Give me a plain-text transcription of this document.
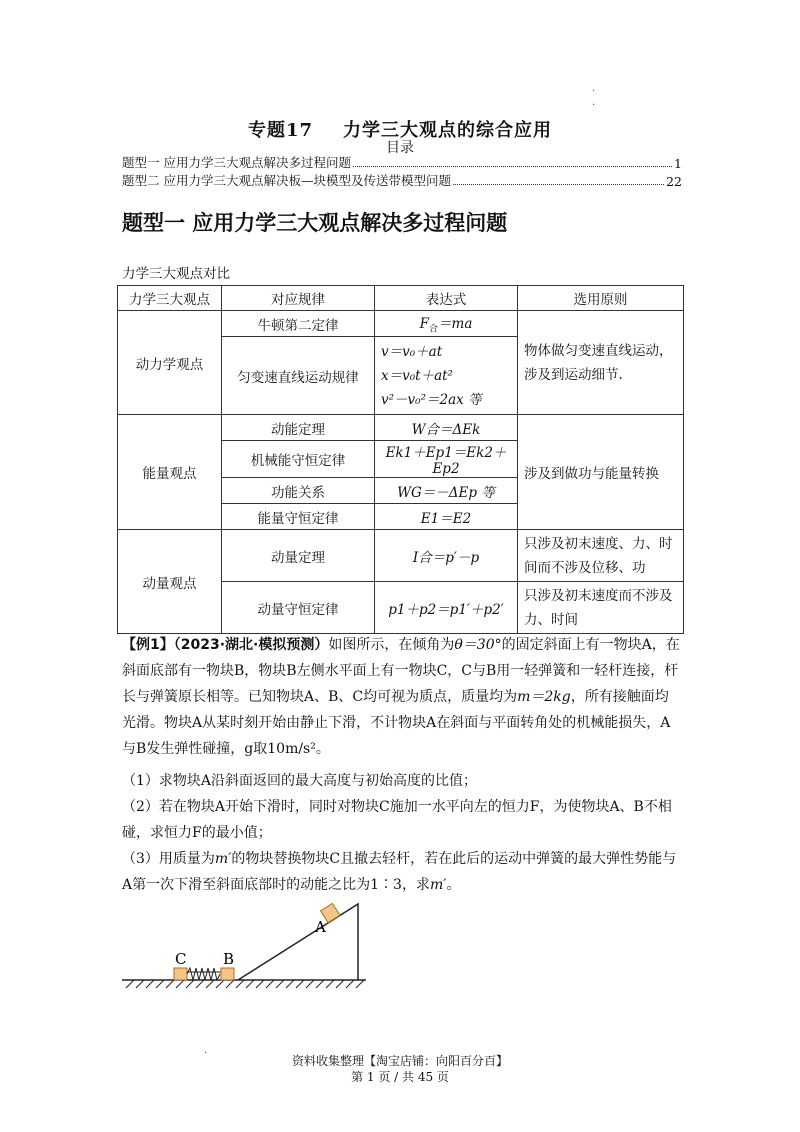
·
·
专题17 力学三大观点的综合应用
目录
题型一 应用力学三大观点解决多过程问题	1
题型二 应用力学三大观点解决板—块模型及传送带模型问题	22
题型一 应用力学三大观点解决多过程问题
力学三大观点对比
力学三大观点	对应规律	表达式	选用原则
动力学观点	牛顿第二定律	$F_合=ma$	物体做匀变速直线运动，涉及到运动细节.

	匀变速直线运动规律	v＝v₀＋at
x＝v₀t＋at²
v²－v₀²＝2ax 等	

能量观点	动能定理	W合＝ΔEk	涉及到做功与能量转换
	机械能守恒定律	Ek1＋Ep1＝Ek2＋Ep2	
	功能关系	WG＝－ΔEp 等	
	能量守恒定律	E1＝E2	
动量观点	动量定理	I合＝p′－p	只涉及初末速度、力、时间而不涉及位移、功

	动量守恒定律	p1＋p2＝p1′＋p2′	只涉及初末速度而不涉及力、时间
【例1】（2023·湖北·模拟预测）如图所示，在倾角为θ＝30°的固定斜面上有一物块A，在斜面底部有一物块B，物块B左侧水平面上有一物块C，C与B用一轻弹簧和一轻杆连接，杆长与弹簧原长相等。已知物块A、B、C均可视为质点，质量均为m＝2kg，所有接触面均光滑。物块A从某时刻开始由静止下滑，不计物块A在斜面与平面转角处的机械能损失，A与B发生弹性碰撞，g取10m/s²。
（1）求物块A沿斜面返回的最大高度与初始高度的比值；
（2）若在物块A开始下滑时，同时对物块C施加一水平向左的恒力F，为使物块A、B不相碰，求恒力F的最小值；
（3）用质量为m′的物块替换物块C且撤去轻杆，若在此后的运动中弹簧的最大弹性势能与A第一次下滑至斜面底部时的动能之比为1∶3，求m′。
A
B
C
·
资料收集整理【淘宝店铺：向阳百分百】
第 1 页 / 共 45 页
